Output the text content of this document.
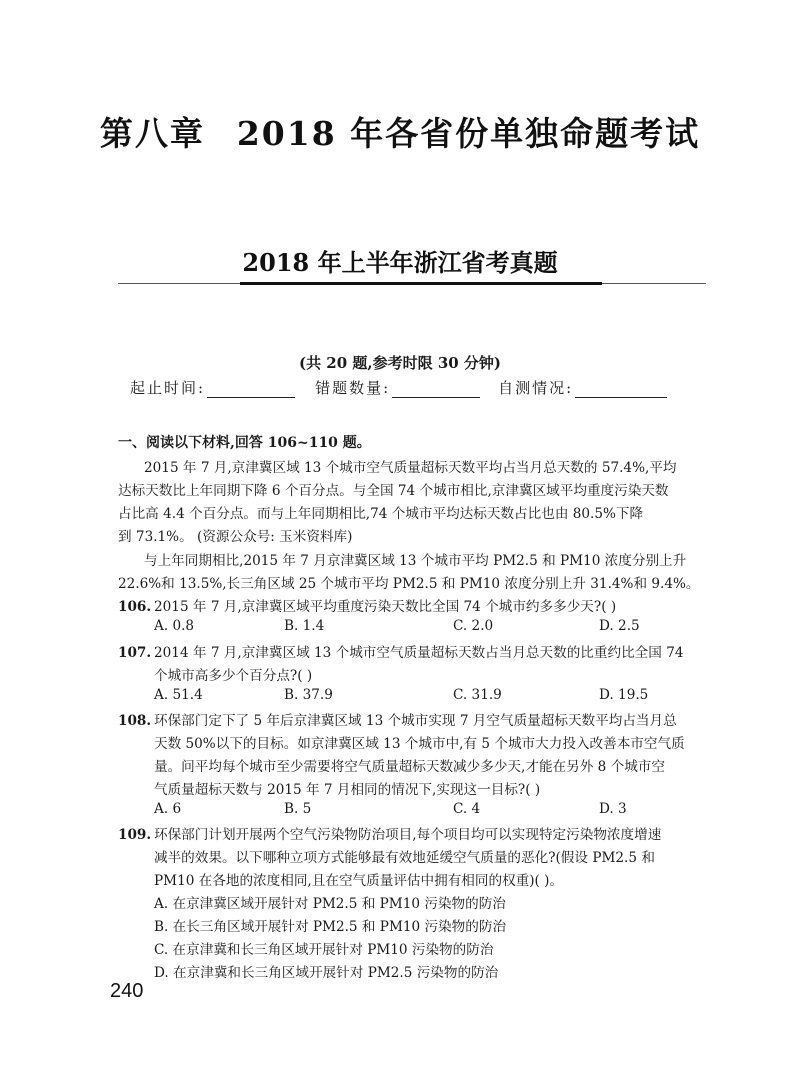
第八章 2018 年各省份单独命题考试
2018 年上半年浙江省考真题
(共 20 题,参考时限 30 分钟)
起止时间:	错题数量:	自测情况:
一、阅读以下材料,回答 106~110 题。
2015 年 7 月,京津冀区域 13 个城市空气质量超标天数平均占当月总天数的 57.4%,平均
达标天数比上年同期下降 6 个百分点。与全国 74 个城市相比,京津冀区域平均重度污染天数
占比高 4.4 个百分点。而与上年同期相比,74 个城市平均达标天数占比也由 80.5%下降
到 73.1%。 (资源公众号: 玉米资料库)
与上年同期相比,2015 年 7 月京津冀区域 13 个城市平均 PM2.5 和 PM10 浓度分别上升
22.6%和 13.5%,长三角区域 25 个城市平均 PM2.5 和 PM10 浓度分别上升 31.4%和 9.4%。
106. 2015 年 7 月,京津冀区域平均重度污染天数比全国 74 个城市约多多少天?( )
A. 0.8	B. 1.4	C. 2.0	D. 2.5
107. 2014 年 7 月,京津冀区域 13 个城市空气质量超标天数占当月总天数的比重约比全国 74
个城市高多少个百分点?( )
A. 51.4	B. 37.9	C. 31.9	D. 19.5
108. 环保部门定下了 5 年后京津冀区域 13 个城市实现 7 月空气质量超标天数平均占当月总
天数 50%以下的目标。如京津冀区域 13 个城市中,有 5 个城市大力投入改善本市空气质
量。问平均每个城市至少需要将空气质量超标天数减少多少天,才能在另外 8 个城市空
气质量超标天数与 2015 年 7 月相同的情况下,实现这一目标?( )
A. 6	B. 5	C. 4	D. 3
109. 环保部门计划开展两个空气污染物防治项目,每个项目均可以实现特定污染物浓度增速
减半的效果。以下哪种立项方式能够最有效地延缓空气质量的恶化?(假设 PM2.5 和
PM10 在各地的浓度相同,且在空气质量评估中拥有相同的权重)( )。
A. 在京津冀区域开展针对 PM2.5 和 PM10 污染物的防治
B. 在长三角区域开展针对 PM2.5 和 PM10 污染物的防治
C. 在京津冀和长三角区域开展针对 PM10 污染物的防治
D. 在京津冀和长三角区域开展针对 PM2.5 污染物的防治
240
